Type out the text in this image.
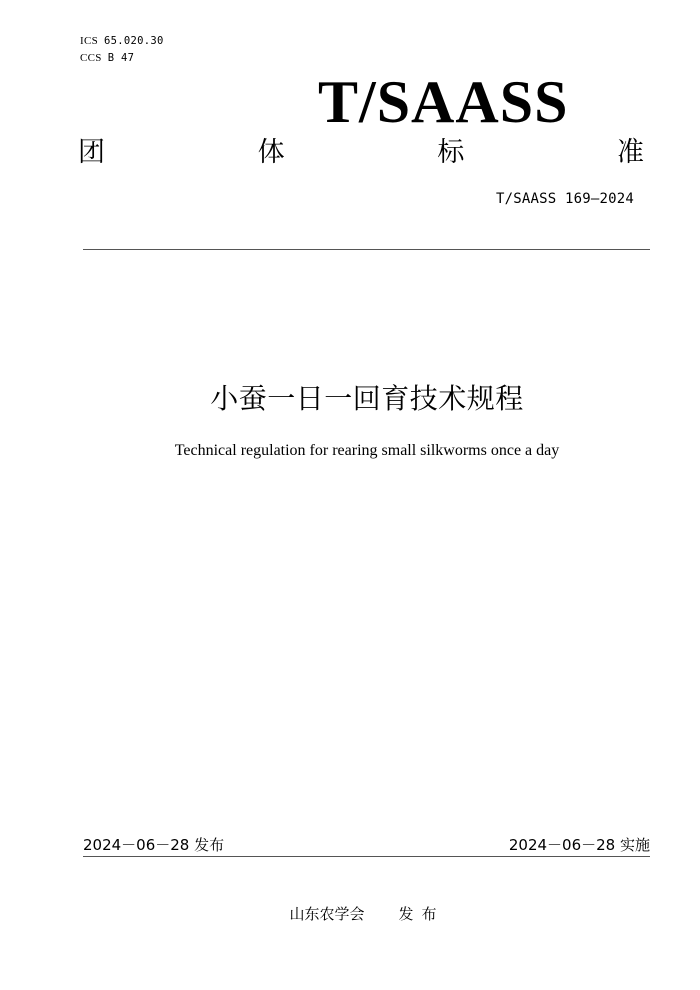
ICS 65.020.30
CCS B 47
T/SAASS
团	体	标	准
T/SAASS 169—2024
小蚕一日一回育技术规程
Technical regulation for rearing small silkworms once a day
2024－06－28 发布	2024－06－28 实施
山东农学会 发布
